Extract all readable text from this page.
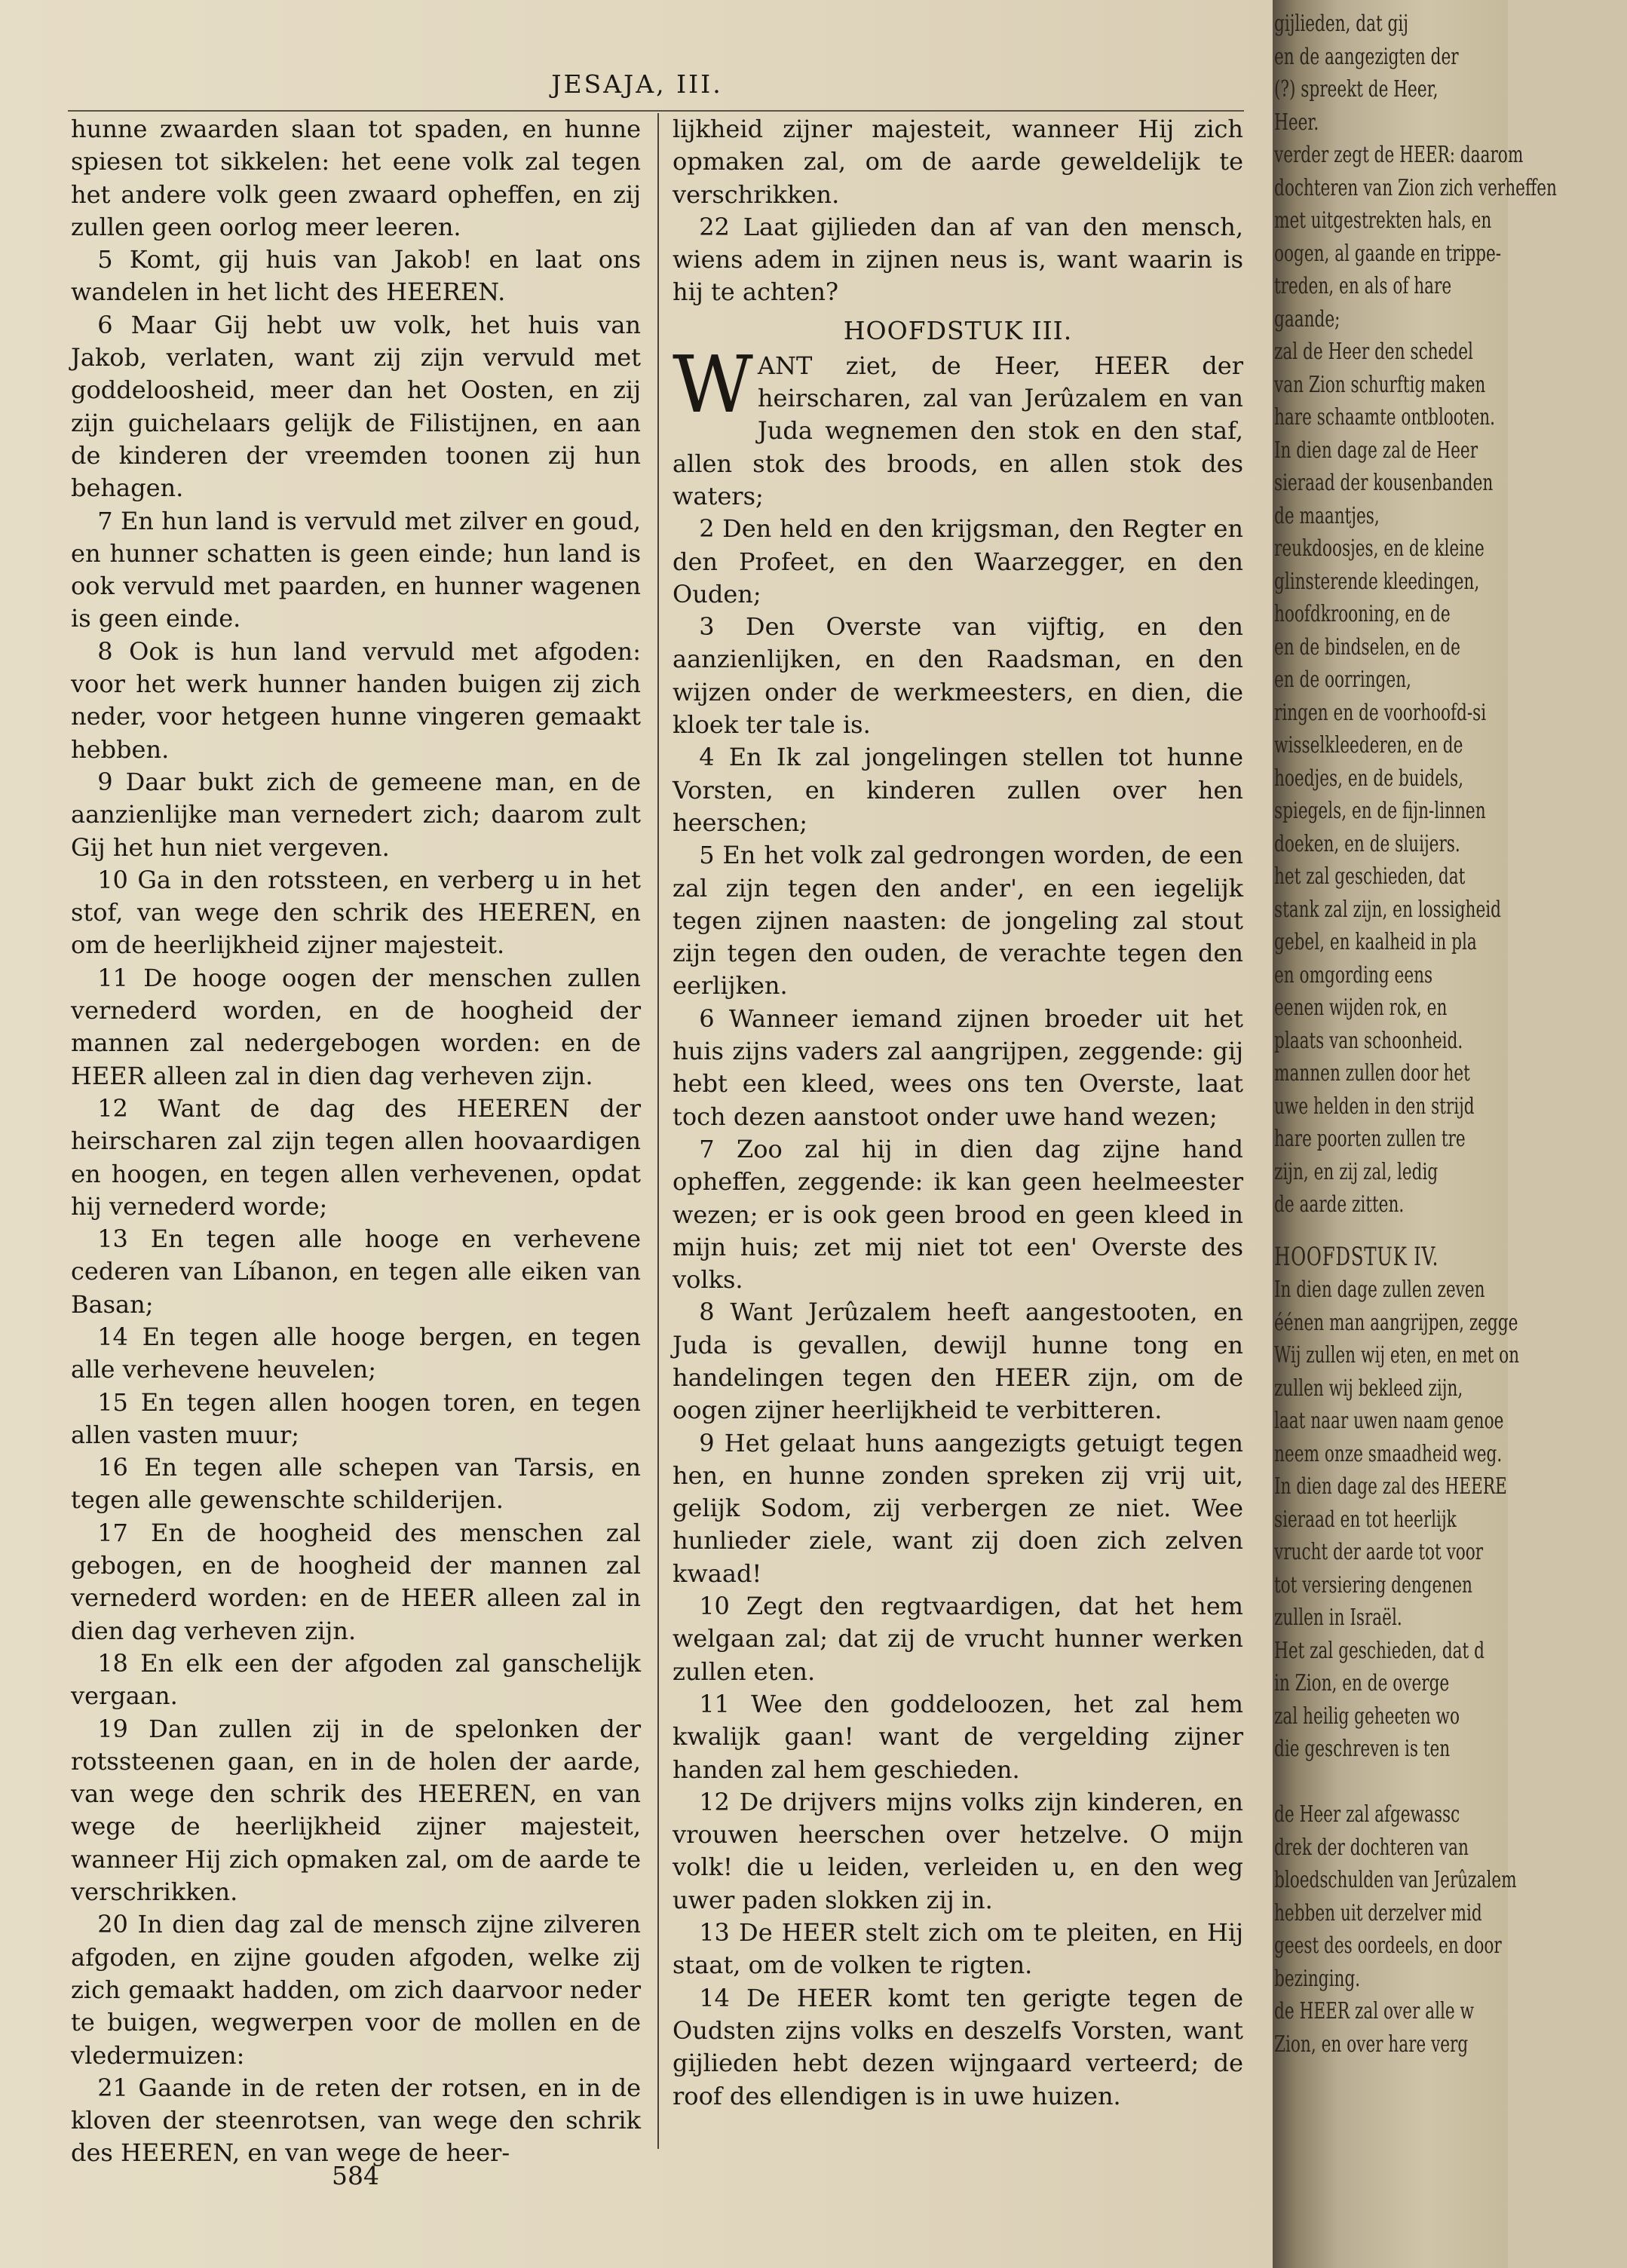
JESAJA, III.

hunne zwaarden slaan tot spaden, en hunne spiesen tot sikkelen: het eene volk zal tegen het andere volk geen zwaard opheffen, en zij zullen geen oorlog meer leeren.

5 Komt, gij huis van Jakob! en laat ons wandelen in het licht des HEEREN.

6 Maar Gij hebt uw volk, het huis van Jakob, verlaten, want zij zijn vervuld met goddeloosheid, meer dan het Oosten, en zij zijn guichelaars gelijk de Filistijnen, en aan de kinderen der vreemden toonen zij hun behagen.

7 En hun land is vervuld met zilver en goud, en hunner schatten is geen einde; hun land is ook vervuld met paarden, en hunner wagenen is geen einde.

8 Ook is hun land vervuld met afgoden: voor het werk hunner handen buigen zij zich neder, voor hetgeen hunne vingeren gemaakt hebben.

9 Daar bukt zich de gemeene man, en de aanzienlijke man vernedert zich; daarom zult Gij het hun niet vergeven.

10 Ga in den rotssteen, en verberg u in het stof, van wege den schrik des HEEREN, en om de heerlijkheid zijner majesteit.

11 De hooge oogen der menschen zullen vernederd worden, en de hoogheid der mannen zal nedergebogen worden: en de HEER alleen zal in dien dag verheven zijn.

12 Want de dag des HEEREN der heirscharen zal zijn tegen allen hoovaardigen en hoogen, en tegen allen verhevenen, opdat hij vernederd worde;

13 En tegen alle hooge en verhevene cederen van Líbanon, en tegen alle eiken van Basan;

14 En tegen alle hooge bergen, en tegen alle verhevene heuvelen;

15 En tegen allen hoogen toren, en tegen allen vasten muur;

16 En tegen alle schepen van Tarsis, en tegen alle gewenschte schilderijen.

17 En de hoogheid des menschen zal gebogen, en de hoogheid der mannen zal vernederd worden: en de HEER alleen zal in dien dag verheven zijn.

18 En elk een der afgoden zal ganschelijk vergaan.

19 Dan zullen zij in de spelonken der rotssteenen gaan, en in de holen der aarde, van wege den schrik des HEEREN, en van wege de heerlijkheid zijner majesteit, wanneer Hij zich opmaken zal, om de aarde te verschrikken.

20 In dien dag zal de mensch zijne zilveren afgoden, en zijne gouden afgoden, welke zij zich gemaakt hadden, om zich daarvoor neder te buigen, wegwerpen voor de mollen en de vledermuizen:

21 Gaande in de reten der rotsen, en in de kloven der steenrotsen, van wege den schrik des HEEREN, en van wege de heer-

lijkheid zijner majesteit, wanneer Hij zich opmaken zal, om de aarde geweldelijk te verschrikken.

22 Laat gijlieden dan af van den mensch, wiens adem in zijnen neus is, want waarin is hij te achten?

HOOFDSTUK III.

WANT ziet, de Heer, HEER der heirscharen, zal van Jerûzalem en van Juda wegnemen den stok en den staf, allen stok des broods, en allen stok des waters;

2 Den held en den krijgsman, den Regter en den Profeet, en den Waarzegger, en den Ouden;

3 Den Overste van vijftig, en den aanzienlijken, en den Raadsman, en den wijzen onder de werkmeesters, en dien, die kloek ter tale is.

4 En Ik zal jongelingen stellen tot hunne Vorsten, en kinderen zullen over hen heerschen;

5 En het volk zal gedrongen worden, de een zal zijn tegen den ander', en een iegelijk tegen zijnen naasten: de jongeling zal stout zijn tegen den ouden, de verachte tegen den eerlijken.

6 Wanneer iemand zijnen broeder uit het huis zijns vaders zal aangrijpen, zeggende: gij hebt een kleed, wees ons ten Overste, laat toch dezen aanstoot onder uwe hand wezen;

7 Zoo zal hij in dien dag zijne hand opheffen, zeggende: ik kan geen heelmeester wezen; er is ook geen brood en geen kleed in mijn huis; zet mij niet tot een' Overste des volks.

8 Want Jerûzalem heeft aangestooten, en Juda is gevallen, dewijl hunne tong en handelingen tegen den HEER zijn, om de oogen zijner heerlijkheid te verbitteren.

9 Het gelaat huns aangezigts getuigt tegen hen, en hunne zonden spreken zij vrij uit, gelijk Sodom, zij verbergen ze niet. Wee hunlieder ziele, want zij doen zich zelven kwaad!

10 Zegt den regtvaardigen, dat het hem welgaan zal; dat zij de vrucht hunner werken zullen eten.

11 Wee den goddeloozen, het zal hem kwalijk gaan! want de vergelding zijner handen zal hem geschieden.

12 De drijvers mijns volks zijn kinderen, en vrouwen heerschen over hetzelve. O mijn volk! die u leiden, verleiden u, en den weg uwer paden slokken zij in.

13 De HEER stelt zich om te pleiten, en Hij staat, om de volken te rigten.

14 De HEER komt ten gerigte tegen de Oudsten zijns volks en deszelfs Vorsten, want gijlieden hebt dezen wijngaard verteerd; de roof des ellendigen is in uwe huizen.

584
gijlieden, dat gij
en de aangezigten der
(?) spreekt de Heer,
Heer.
verder zegt de HEER: daarom
dochteren van Zion zich verheffen
met uitgestrekten hals, en
oogen, al gaande en trippe-
treden, en als of hare
gaande;
zal de Heer den schedel
van Zion schurftig maken
hare schaamte ontblooten.
In dien dage zal de Heer
sieraad der kousenbanden
de maantjes,
reukdoosjes, en de kleine
glinsterende kleedingen,
hoofdkrooning, en de
en de bindselen, en de
en de oorringen,
ringen en de voorhoofd-si
wisselkleederen, en de
hoedjes, en de buidels,
spiegels, en de fijn-linnen
doeken, en de sluijers.
het zal geschieden, dat
stank zal zijn, en lossigheid
gebel, en kaalheid in pla
en omgording eens
eenen wijden rok, en
plaats van schoonheid.
mannen zullen door het
uwe helden in den strijd
hare poorten zullen tre
zijn, en zij zal, ledig
de aarde zitten.
HOOFDSTUK IV.
In dien dage zullen zeven
éénen man aangrijpen, zegge
Wij zullen wij eten, en met on
zullen wij bekleed zijn,
laat naar uwen naam genoe
neem onze smaadheid weg.
In dien dage zal des HEERE
sieraad en tot heerlijk
vrucht der aarde tot voor
tot versiering dengenen
zullen in Israël.
Het zal geschieden, dat d
in Zion, en de overge
zal heilig geheeten wo
die geschreven is ten

de Heer zal afgewassc
drek der dochteren van
bloedschulden van Jerûzalem
hebben uit derzelver mid
geest des oordeels, en door
bezinging.
de HEER zal over alle w
Zion, en over hare verg
